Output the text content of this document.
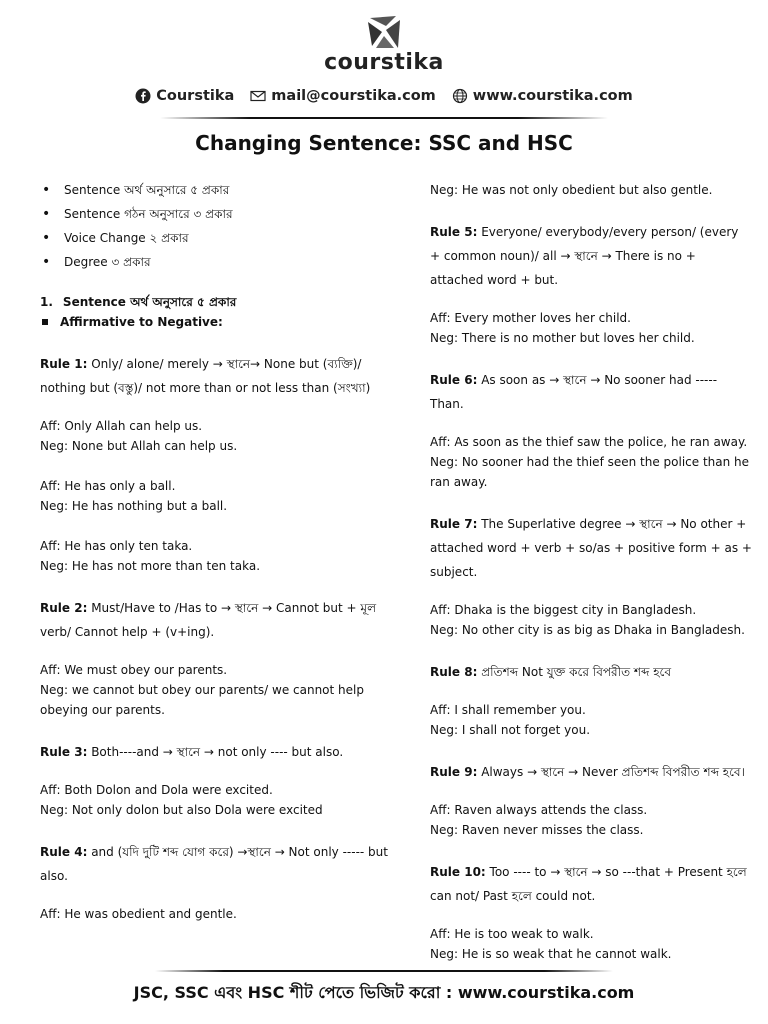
courstika
Courstika	mail@courstika.com	www.courstika.com
Changing Sentence: SSC and HSC
• Sentence অর্থ অনুসারে ৫ প্রকার
• Sentence গঠন অনুসারে ৩ প্রকার
• Voice Change ২ প্রকার
• Degree ৩ প্রকার

1. Sentence অর্থ অনুসারে ৫ প্রকার

Affirmative to Negative:

Rule 1: Only/ alone/ merely → স্থানে→ None but (ব্যক্তি)/ nothing but (বস্তু)/ not more than or not less than (সংখ্যা)

Aff: Only Allah can help us.

Neg: None but Allah can help us.

Aff: He has only a ball.

Neg: He has nothing but a ball.

Aff: He has only ten taka.

Neg: He has not more than ten taka.

Rule 2: Must/Have to /Has to → স্থানে → Cannot but + মূল verb/ Cannot help + (v+ing).

Aff: We must obey our parents.

Neg: we cannot but obey our parents/ we cannot help obeying our parents.

Rule 3: Both----and → স্থানে → not only ---- but also.

Aff: Both Dolon and Dola were excited.

Neg: Not only dolon but also Dola were excited

Rule 4: and (যদি দুটি শব্দ যোগ করে) →স্থানে → Not only ----- but also.

Aff: He was obedient and gentle.

Neg: He was not only obedient but also gentle.

Rule 5: Everyone/ everybody/every person/ (every + common noun)/ all → স্থানে → There is no + attached word + but.

Aff: Every mother loves her child.

Neg: There is no mother but loves her child.

Rule 6: As soon as → স্থানে → No sooner had ----- Than.

Aff: As soon as the thief saw the police, he ran away.

Neg: No sooner had the thief seen the police than he ran away.

Rule 7: The Superlative degree → স্থানে → No other + attached word + verb + so/as + positive form + as + subject.

Aff: Dhaka is the biggest city in Bangladesh.

Neg: No other city is as big as Dhaka in Bangladesh.

Rule 8: প্রতিশব্দ Not যুক্ত করে বিপরীত শব্দ হবে

Aff: I shall remember you.

Neg: I shall not forget you.

Rule 9: Always → স্থানে → Never প্রতিশব্দ বিপরীত শব্দ হবে।

Aff: Raven always attends the class.

Neg: Raven never misses the class.

Rule 10: Too ---- to → স্থানে → so ---that + Present হলে can not/ Past হলে could not.

Aff: He is too weak to walk.

Neg: He is so weak that he cannot walk.

JSC, SSC এবং HSC শীট পেতে ভিজিট করো : www.courstika.com
